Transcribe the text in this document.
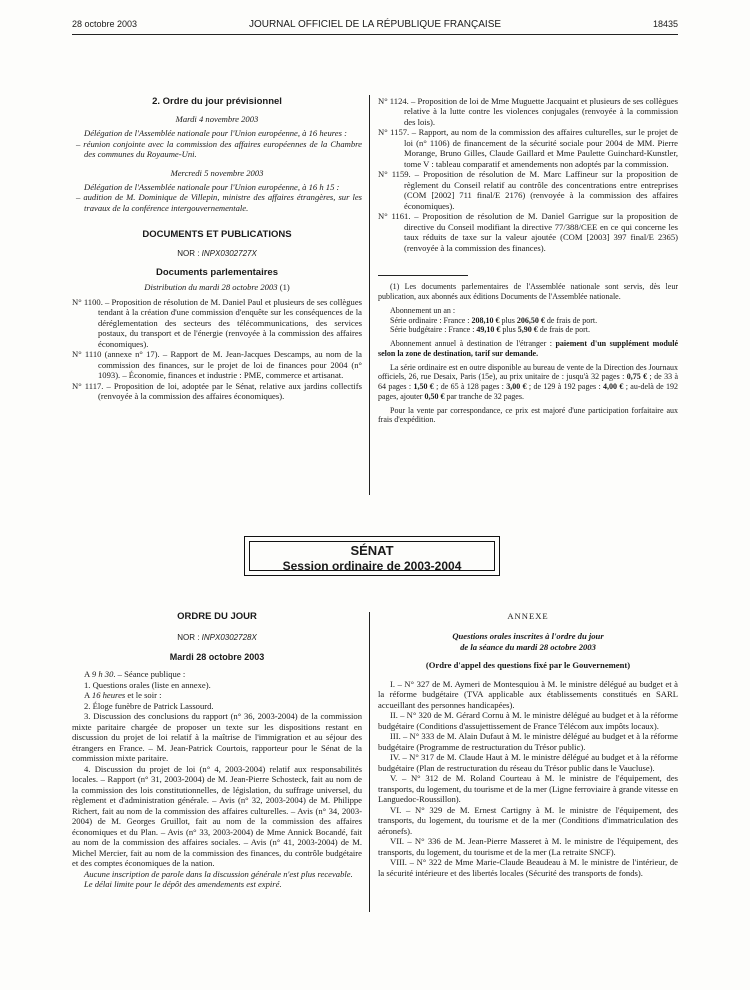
28 octobre 2003	JOURNAL OFFICIEL DE LA RÉPUBLIQUE FRANÇAISE	18435

2. Ordre du jour prévisionnel

Mardi 4 novembre 2003

Délégation de l'Assemblée nationale pour l'Union européenne, à 16 heures :

– réunion conjointe avec la commission des affaires européennes de la Chambre des communes du Royaume-Uni.

Mercredi 5 novembre 2003

Délégation de l'Assemblée nationale pour l'Union européenne, à 16 h 15 :

– audition de M. Dominique de Villepin, ministre des affaires étrangères, sur les travaux de la conférence intergouvernementale.

DOCUMENTS ET PUBLICATIONS

NOR : INPX0302727X

Documents parlementaires

Distribution du mardi 28 octobre 2003 (1)

N° 1100. – Proposition de résolution de M. Daniel Paul et plusieurs de ses collègues tendant à la création d'une commission d'enquête sur les conséquences de la déréglementation des secteurs des télécommunications, des services postaux, du transport et de l'énergie (renvoyée à la commission des affaires économiques).

N° 1110 (annexe n° 17). – Rapport de M. Jean-Jacques Descamps, au nom de la commission des finances, sur le projet de loi de finances pour 2004 (n° 1093). – Économie, finances et industrie : PME, commerce et artisanat.

N° 1117. – Proposition de loi, adoptée par le Sénat, relative aux jardins collectifs (renvoyée à la commission des affaires économiques).

N° 1124. – Proposition de loi de Mme Muguette Jacquaint et plusieurs de ses collègues relative à la lutte contre les violences conjugales (renvoyée à la commission des lois).

N° 1157. – Rapport, au nom de la commission des affaires culturelles, sur le projet de loi (n° 1106) de financement de la sécurité sociale pour 2004 de MM. Pierre Morange, Bruno Gilles, Claude Gaillard et Mme Paulette Guinchard-Kunstler, tome V : tableau comparatif et amendements non adoptés par la commission.

N° 1159. – Proposition de résolution de M. Marc Laffineur sur la proposition de règlement du Conseil relatif au contrôle des concentrations entre entreprises (COM [2002] 711 final/E 2176) (renvoyée à la commission des affaires économiques).

N° 1161. – Proposition de résolution de M. Daniel Garrigue sur la proposition de directive du Conseil modifiant la directive 77/388/CEE en ce qui concerne les taux réduits de taxe sur la valeur ajoutée (COM [2003] 397 final/E 2365) (renvoyée à la commission des finances).

(1) Les documents parlementaires de l'Assemblée nationale sont servis, dès leur publication, aux abonnés aux éditions Documents de l'Assemblée nationale.

Abonnement un an :

Série ordinaire : France : 208,10 € plus 206,50 € de frais de port.

Série budgétaire : France : 49,10 € plus 5,90 € de frais de port.

Abonnement annuel à destination de l'étranger : paiement d'un supplément modulé selon la zone de destination, tarif sur demande.

La série ordinaire est en outre disponible au bureau de vente de la Direction des Journaux officiels, 26, rue Desaix, Paris (15e), au prix unitaire de : jusqu'à 32 pages : 0,75 € ; de 33 à 64 pages : 1,50 € ; de 65 à 128 pages : 3,00 € ; de 129 à 192 pages : 4,00 € ; au-delà de 192 pages, ajouter 0,50 € par tranche de 32 pages.

Pour la vente par correspondance, ce prix est majoré d'une participation forfaitaire aux frais d'expédition.

SÉNAT
Session ordinaire de 2003-2004

ORDRE DU JOUR

NOR : INPX0302728X

Mardi 28 octobre 2003

A 9 h 30. – Séance publique :

1. Questions orales (liste en annexe).

A 16 heures et le soir :

2. Éloge funèbre de Patrick Lassourd.

3. Discussion des conclusions du rapport (n° 36, 2003-2004) de la commission mixte paritaire chargée de proposer un texte sur les dispositions restant en discussion du projet de loi relatif à la maîtrise de l'immigration et au séjour des étrangers en France. – M. Jean-Patrick Courtois, rapporteur pour le Sénat de la commission mixte paritaire.

4. Discussion du projet de loi (n° 4, 2003-2004) relatif aux responsabilités locales. – Rapport (n° 31, 2003-2004) de M. Jean-Pierre Schosteck, fait au nom de la commission des lois constitutionnelles, de législation, du suffrage universel, du règlement et d'administration générale. – Avis (n° 32, 2003-2004) de M. Philippe Richert, fait au nom de la commission des affaires culturelles. – Avis (n° 34, 2003-2004) de M. Georges Gruillot, fait au nom de la commission des affaires économiques et du Plan. – Avis (n° 33, 2003-2004) de Mme Annick Bocandé, fait au nom de la commission des affaires sociales. – Avis (n° 41, 2003-2004) de M. Michel Mercier, fait au nom de la commission des finances, du contrôle budgétaire et des comptes économiques de la nation.

Aucune inscription de parole dans la discussion générale n'est plus recevable.

Le délai limite pour le dépôt des amendements est expiré.

ANNEXE

Questions orales inscrites à l'ordre du jour

de la séance du mardi 28 octobre 2003

(Ordre d'appel des questions fixé par le Gouvernement)

I. – N° 327 de M. Aymeri de Montesquiou à M. le ministre délégué au budget et à la réforme budgétaire (TVA applicable aux établissements constitués en SARL accueillant des personnes handicapées).

II. – N° 320 de M. Gérard Cornu à M. le ministre délégué au budget et à la réforme budgétaire (Conditions d'assujettissement de France Télécom aux impôts locaux).

III. – N° 333 de M. Alain Dufaut à M. le ministre délégué au budget et à la réforme budgétaire (Programme de restructuration du Trésor public).

IV. – N° 317 de M. Claude Haut à M. le ministre délégué au budget et à la réforme budgétaire (Plan de restructuration du réseau du Trésor public dans le Vaucluse).

V. – N° 312 de M. Roland Courteau à M. le ministre de l'équipement, des transports, du logement, du tourisme et de la mer (Ligne ferroviaire à grande vitesse en Languedoc-Roussillon).

VI. – N° 329 de M. Ernest Cartigny à M. le ministre de l'équipement, des transports, du logement, du tourisme et de la mer (Conditions d'immatriculation des aéronefs).

VII. – N° 336 de M. Jean-Pierre Masseret à M. le ministre de l'équipement, des transports, du logement, du tourisme et de la mer (La retraite SNCF).

VIII. – N° 322 de Mme Marie-Claude Beaudeau à M. le ministre de l'intérieur, de la sécurité intérieure et des libertés locales (Sécurité des transports de fonds).
